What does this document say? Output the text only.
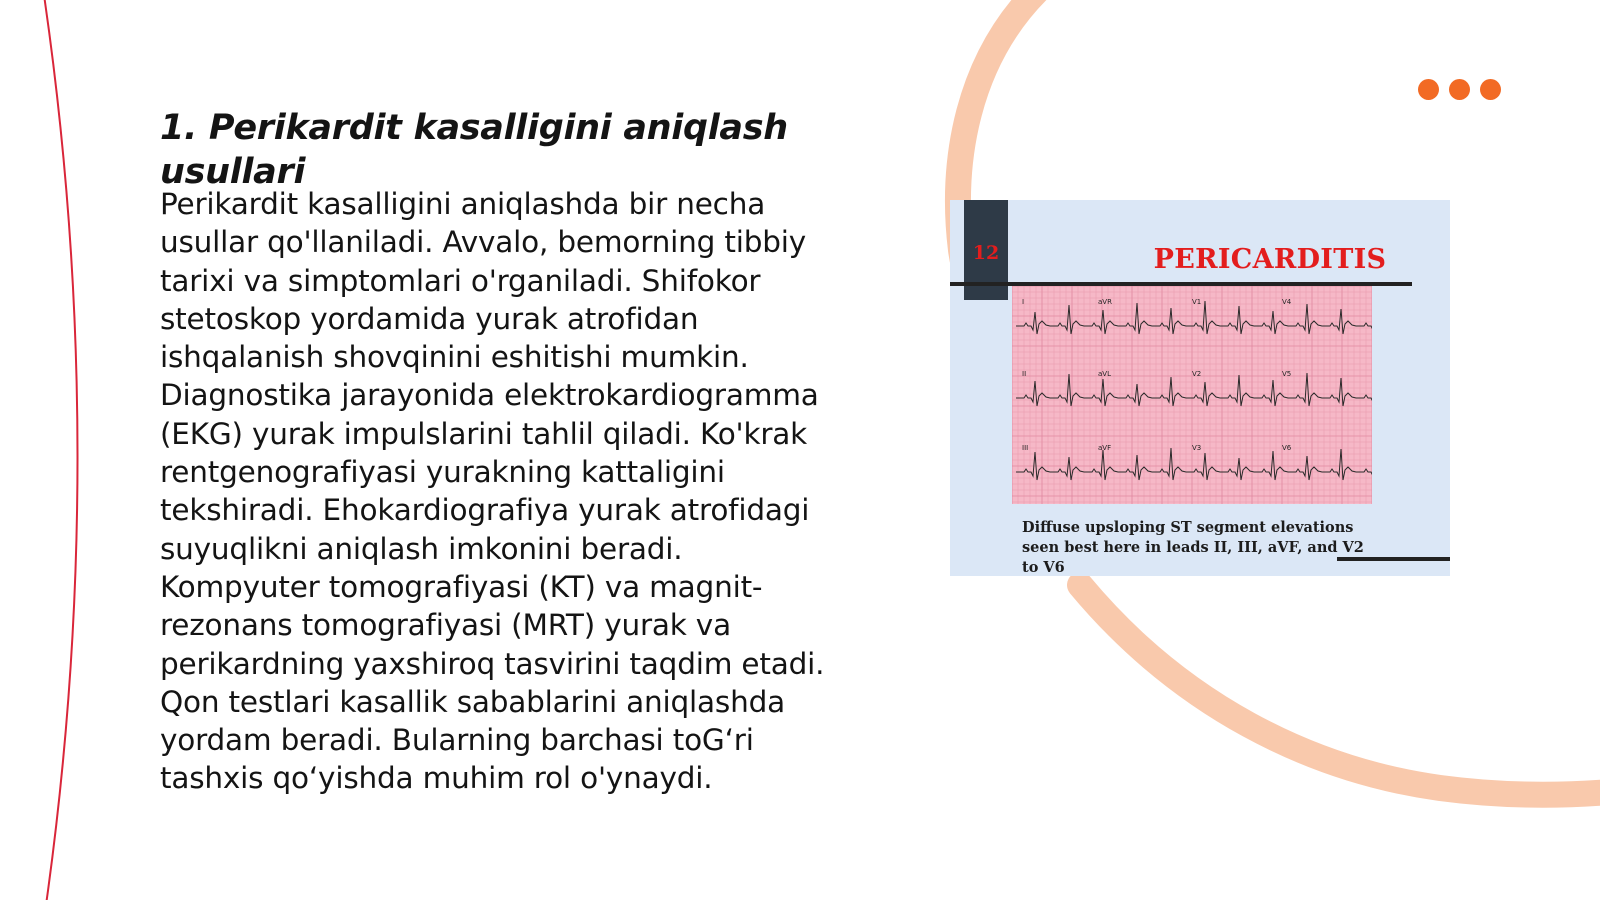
1. Perikardit kasalligini aniqlash usullari

Perikardit kasalligini aniqlashda bir necha usullar qo'llaniladi. Avvalo, bemorning tibbiy tarixi va simptomlari o'rganiladi. Shifokor stetoskop yordamida yurak atrofidan ishqalanish shovqinini eshitishi mumkin. Diagnostika jarayonida elektrokardiogramma (EKG) yurak impulslarini tahlil qiladi. Ko'krak rentgenografiyasi yurakning kattaligini tekshiradi. Ehokardiografiya yurak atrofidagi suyuqlikni aniqlash imkonini beradi. Kompyuter tomografiyasi (KT) va magnit-rezonans tomografiyasi (MRT) yurak va perikardning yaxshiroq tasvirini taqdim etadi. Qon testlari kasallik sabablarini aniqlashda yordam beradi. Bularning barchasi toG‘ri tashxis qo‘yishda muhim rol o'ynaydi.

12	PERICARDITIS
I	aVR	V1	V4
II	aVL	V2	V5
III	aVF	V3	V6
Diffuse upsloping ST segment elevations seen best here in leads II, III, aVF, and V2 to V6
